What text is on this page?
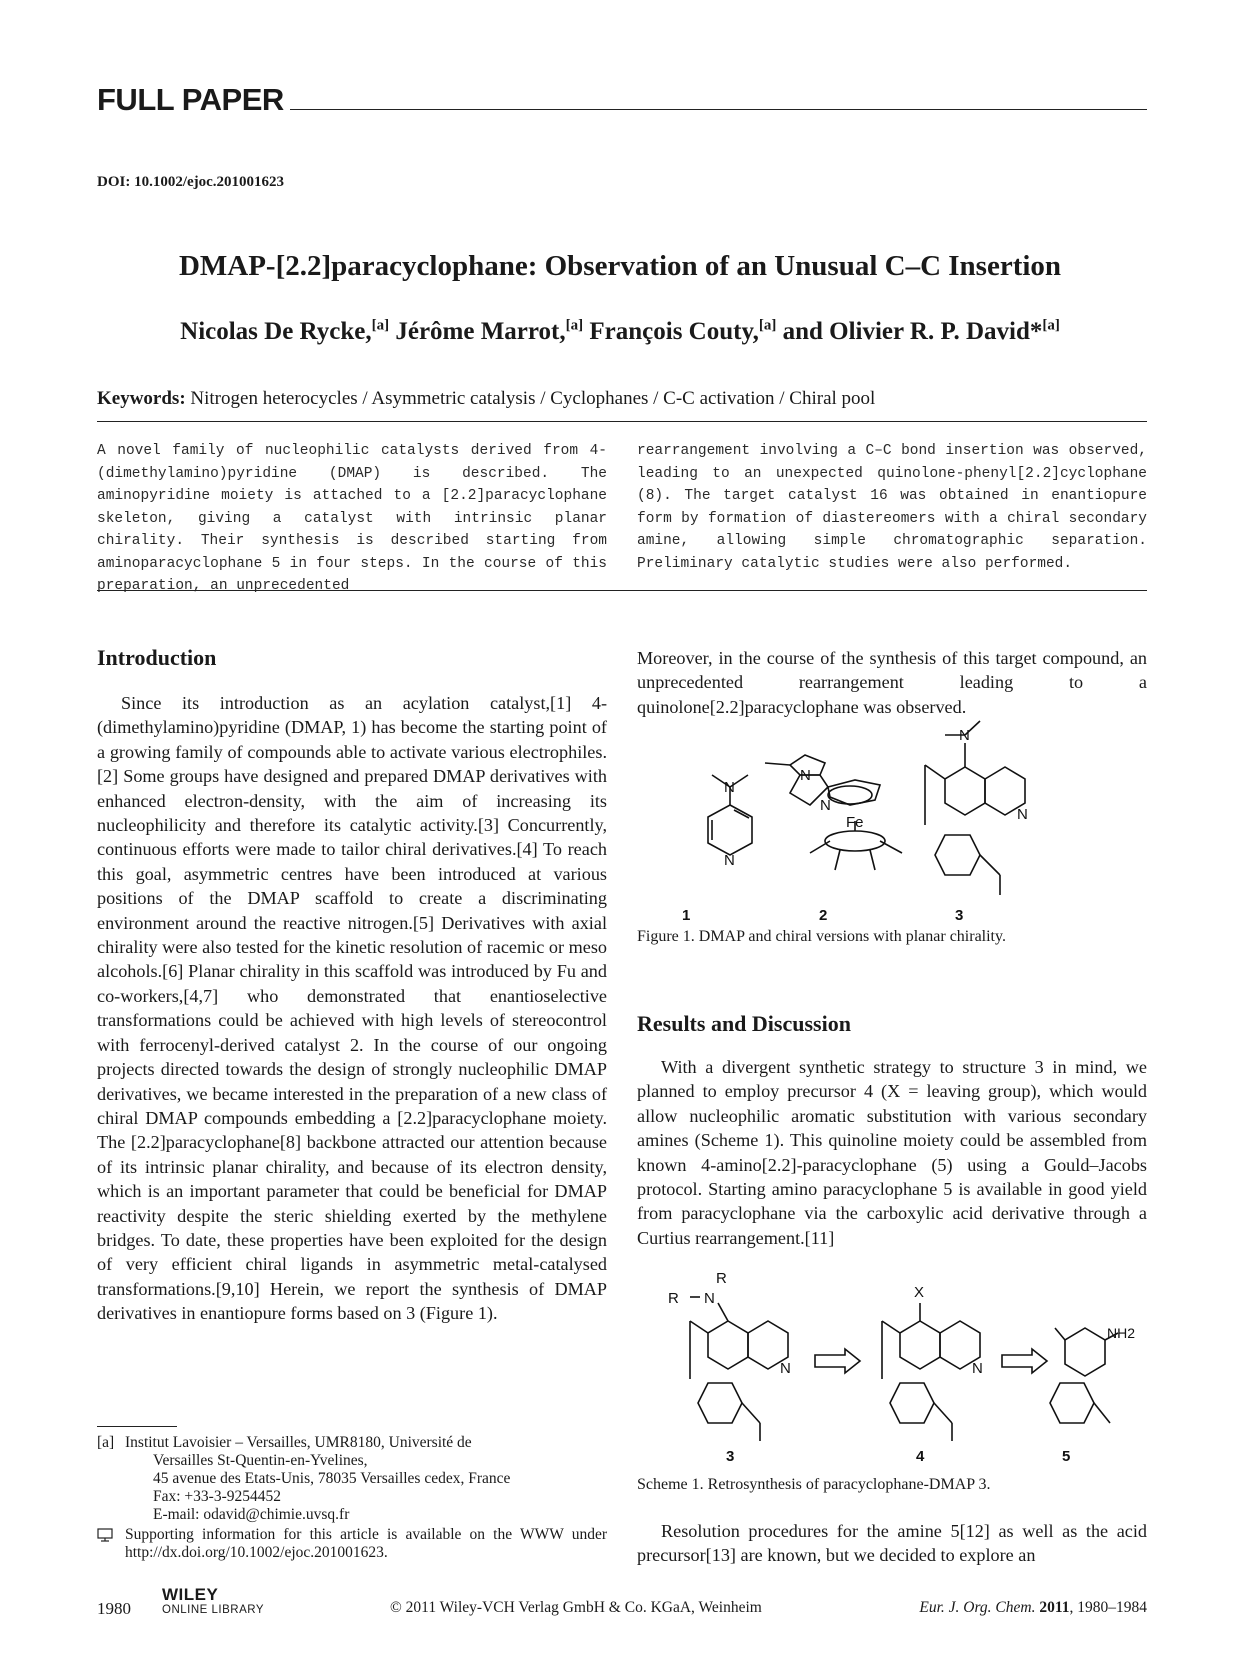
FULL PAPER
DOI: 10.1002/ejoc.201001623
DMAP-[2.2]paracyclophane: Observation of an Unusual C–C Insertion
Nicolas De Rycke,[a] Jérôme Marrot,[a] François Couty,[a] and Olivier R. P. David*[a]
Keywords: Nitrogen heterocycles / Asymmetric catalysis / Cyclophanes / C-C activation / Chiral pool
A novel family of nucleophilic catalysts derived from 4-(dimethylamino)pyridine (DMAP) is described. The aminopyridine moiety is attached to a [2.2]paracyclophane skeleton, giving a catalyst with intrinsic planar chirality. Their synthesis is described starting from aminoparacyclophane 5 in four steps. In the course of this preparation, an unprecedented
rearrangement involving a C–C bond insertion was observed, leading to an unexpected quinolone-phenyl[2.2]cyclophane (8). The target catalyst 16 was obtained in enantiopure form by formation of diastereomers with a chiral secondary amine, allowing simple chromatographic separation. Preliminary catalytic studies were also performed.
Introduction

Since its introduction as an acylation catalyst,[1] 4-(dimethylamino)pyridine (DMAP, 1) has become the starting point of a growing family of compounds able to activate various electrophiles.[2] Some groups have designed and prepared DMAP derivatives with enhanced electron-density, with the aim of increasing its nucleophilicity and therefore its catalytic activity.[3] Concurrently, continuous efforts were made to tailor chiral derivatives.[4] To reach this goal, asymmetric centres have been introduced at various positions of the DMAP scaffold to create a discriminating environment around the reactive nitrogen.[5] Derivatives with axial chirality were also tested for the kinetic resolution of racemic or meso alcohols.[6] Planar chirality in this scaffold was introduced by Fu and co-workers,[4,7] who demonstrated that enantioselective transformations could be achieved with high levels of stereocontrol with ferrocenyl-derived catalyst 2. In the course of our ongoing projects directed towards the design of strongly nucleophilic DMAP derivatives, we became interested in the preparation of a new class of chiral DMAP compounds embedding a [2.2]paracyclophane moiety. The [2.2]paracyclophane[8] backbone attracted our attention because of its intrinsic planar chirality, and because of its electron density, which is an important parameter that could be beneficial for DMAP reactivity despite the steric shielding exerted by the methylene bridges. To date, these properties have been exploited for the design of very efficient chiral ligands in asymmetric metal-catalysed transformations.[9,10] Herein, we report the synthesis of DMAP derivatives in enantiopure forms based on 3 (Figure 1).

Moreover, in the course of the synthesis of this target compound, an unprecedented rearrangement leading to a quinolone[2.2]paracyclophane was observed.

N
N
N
N
Fe
N
N
1	2	3
Figure 1. DMAP and chiral versions with planar chirality.
Results and Discussion

With a divergent synthetic strategy to structure 3 in mind, we planned to employ precursor 4 (X = leaving group), which would allow nucleophilic aromatic substitution with various secondary amines (Scheme 1). This quinoline moiety could be assembled from known 4-amino[2.2]-paracyclophane (5) using a Gould–Jacobs protocol. Starting amino paracyclophane 5 is available in good yield from paracyclophane via the carboxylic acid derivative through a Curtius rearrangement.[11]

R
R
N
N
X
N
NH2
3	4	5
Scheme 1. Retrosynthesis of paracyclophane-DMAP 3.

Resolution procedures for the amine 5[12] as well as the acid precursor[13] are known, but we decided to explore an

[a] Institut Lavoisier – Versailles, UMR8180, Université de
Versailles St-Quentin-en-Yvelines,
45 avenue des Etats-Unis, 78035 Versailles cedex, France
Fax: +33-3-9254452
E-mail: odavid@chimie.uvsq.fr
Supporting information for this article is available on the WWW under http://dx.doi.org/10.1002/ejoc.201001623.
1980
WILEY
ONLINE LIBRARY	© 2011 Wiley-VCH Verlag GmbH & Co. KGaA, Weinheim	Eur. J. Org. Chem. 2011, 1980–1984
